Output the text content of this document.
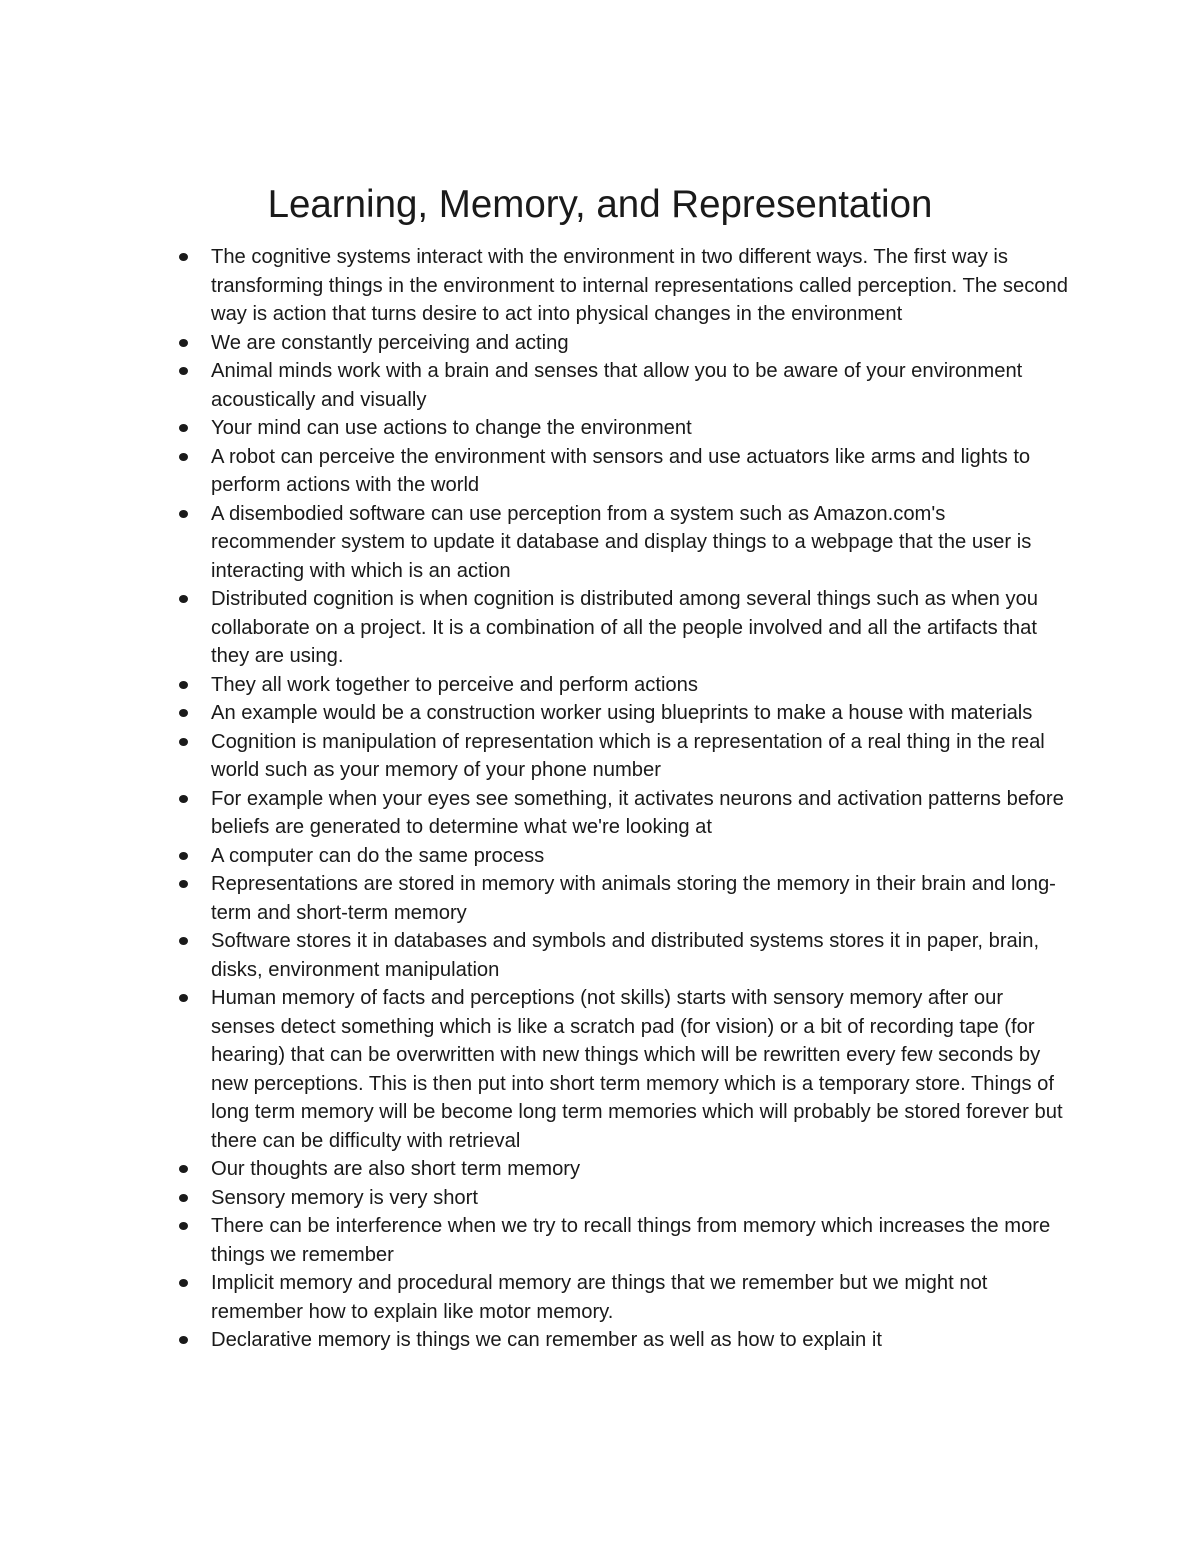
Learning, Memory, and Representation
The cognitive systems interact with the environment in two different ways. The first way is transforming things in the environment to internal representations called perception. The second way is action that turns desire to act into physical changes in the environment
We are constantly perceiving and acting
Animal minds work with a brain and senses that allow you to be aware of your environment acoustically and visually
Your mind can use actions to change the environment
A robot can perceive the environment with sensors and use actuators like arms and lights to perform actions with the world
A disembodied software can use perception from a system such as Amazon.com's recommender system to update it database and display things to a webpage that the user is interacting with which is an action
Distributed cognition is when cognition is distributed among several things such as when you collaborate on a project. It is a combination of all the people involved and all the artifacts that they are using.
They all work together to perceive and perform actions
An example would be a construction worker using blueprints to make a house with materials
Cognition is manipulation of representation which is a representation of a real thing in the real world such as your memory of your phone number
For example when your eyes see something, it activates neurons and activation patterns before beliefs are generated to determine what we're looking at
A computer can do the same process
Representations are stored in memory with animals storing the memory in their brain and long-term and short-term memory
Software stores it in databases and symbols and distributed systems stores it in paper, brain, disks, environment manipulation
Human memory of facts and perceptions (not skills) starts with sensory memory after our senses detect something which is like a scratch pad (for vision) or a bit of recording tape (for hearing) that can be overwritten with new things which will be rewritten every few seconds by new perceptions. This is then put into short term memory which is a temporary store. Things of long term memory will be become long term memories which will probably be stored forever but there can be difficulty with retrieval
Our thoughts are also short term memory
Sensory memory is very short
There can be interference when we try to recall things from memory which increases the more things we remember
Implicit memory and procedural memory are things that we remember but we might not remember how to explain like motor memory.
Declarative memory is things we can remember as well as how to explain it
